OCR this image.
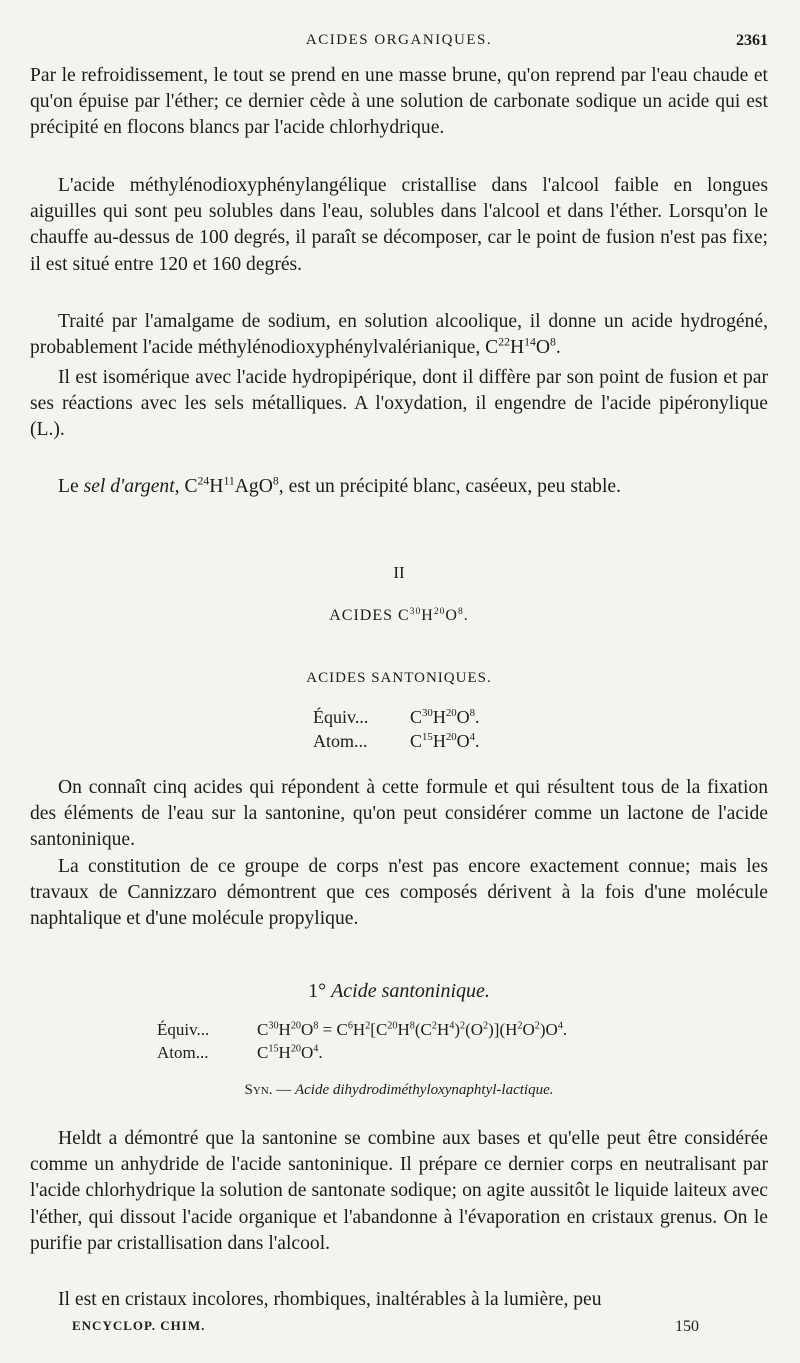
ACIDES ORGANIQUES.	2361

Par le refroidissement, le tout se prend en une masse brune, qu'on reprend par l'eau chaude et qu'on épuise par l'éther; ce dernier cède à une solution de carbonate sodique un acide qui est précipité en flocons blancs par l'acide chlorhydrique.

L'acide méthylénodioxyphénylangélique cristallise dans l'alcool faible en longues aiguilles qui sont peu solubles dans l'eau, solubles dans l'alcool et dans l'éther. Lorsqu'on le chauffe au-dessus de 100 degrés, il paraît se décomposer, car le point de fusion n'est pas fixe; il est situé entre 120 et 160 degrés.

Traité par l'amalgame de sodium, en solution alcoolique, il donne un acide hydrogéné, probablement l'acide méthylénodioxyphénylvalérianique, $C^{22}H^{14}O^8$.

Il est isomérique avec l'acide hydropipérique, dont il diffère par son point de fusion et par ses réactions avec les sels métalliques. A l'oxydation, il engendre de l'acide pipéronylique (L.).

Le sel d'argent, $C^{24}H^{11}AgO^8$, est un précipité blanc, caséeux, peu stable.

II

ACIDES $C^{30}H^{20}O^8$.

ACIDES SANTONIQUES.

Équiv... $C^{30}H^{20}O^8$.
Atom... $C^{15}H^{20}O^4$.

On connaît cinq acides qui répondent à cette formule et qui résultent tous de la fixation des éléments de l'eau sur la santonine, qu'on peut considérer comme un lactone de l'acide santoninique.

La constitution de ce groupe de corps n'est pas encore exactement connue; mais les travaux de Cannizzaro démontrent que ces composés dérivent à la fois d'une molécule naphtalique et d'une molécule propylique.

1° Acide santoninique.

Équiv...	$C^{30}H^{20}O^8 = C^6H^2[C^{20}H^8(C^2H^4)^2(O^2)](H^2O^2)O^4$.
Atom...	$C^{15}H^{20}O^4$.

Syn. — Acide dihydrodiméthyloxynaphtyl-lactique.

Heldt a démontré que la santonine se combine aux bases et qu'elle peut être considérée comme un anhydride de l'acide santoninique. Il prépare ce dernier corps en neutralisant par l'acide chlorhydrique la solution de santonate sodique; on agite aussitôt le liquide laiteux avec l'éther, qui dissout l'acide organique et l'abandonne à l'évaporation en cristaux grenus. On le purifie par cristallisation dans l'alcool.

Il est en cristaux incolores, rhombiques, inaltérables à la lumière, peu

ENCYCLOP. CHIM.	150
